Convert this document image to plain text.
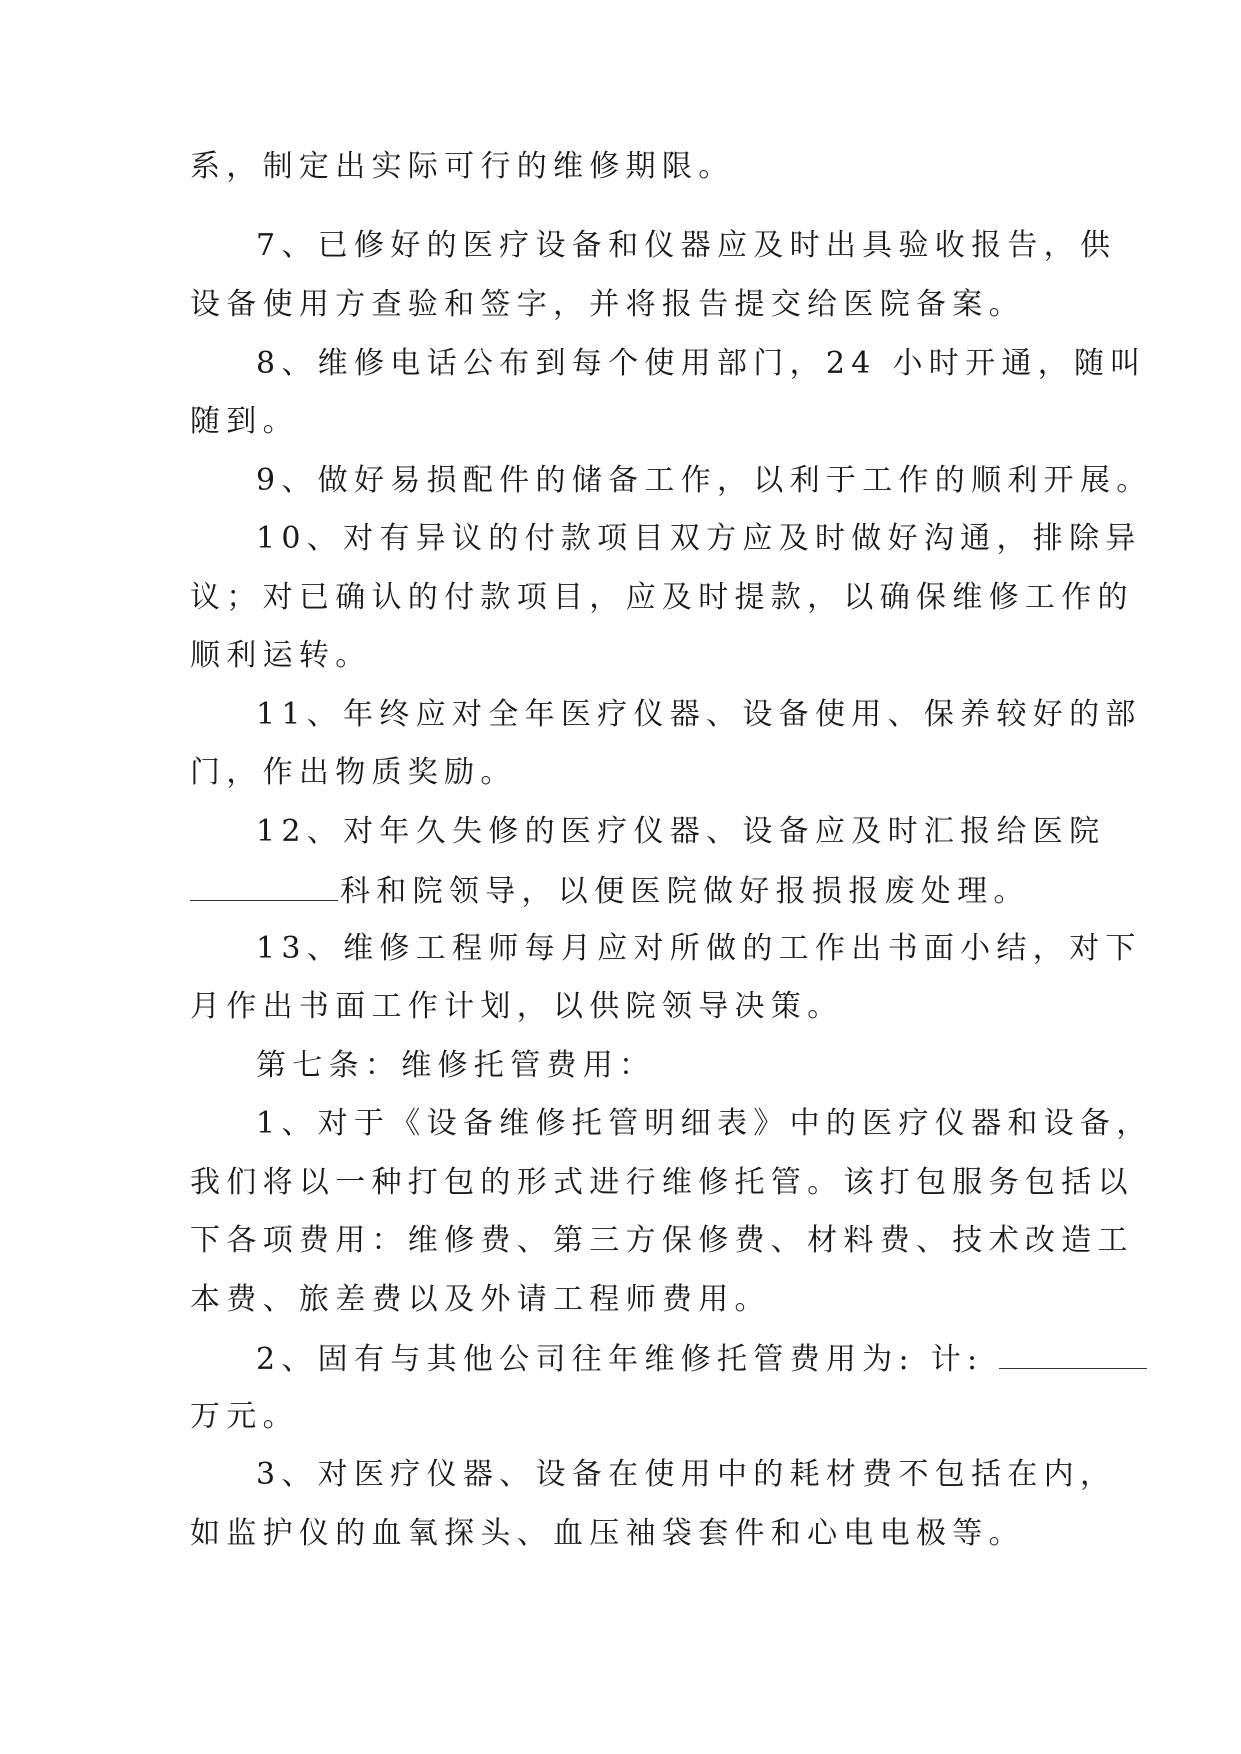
系，制定出实际可行的维修期限。
7、已修好的医疗设备和仪器应及时出具验收报告，供
设备使用方查验和签字，并将报告提交给医院备案。
8、维修电话公布到每个使用部门，24 小时开通，随叫
随到。
9、做好易损配件的储备工作，以利于工作的顺利开展。
10、对有异议的付款项目双方应及时做好沟通，排除异
议；对已确认的付款项目，应及时提款，以确保维修工作的
顺利运转。
11、年终应对全年医疗仪器、设备使用、保养较好的部
门，作出物质奖励。
12、对年久失修的医疗仪器、设备应及时汇报给医院
科和院领导，以便医院做好报损报废处理。
13、维修工程师每月应对所做的工作出书面小结，对下
月作出书面工作计划，以供院领导决策。
第七条：维修托管费用：
1、对于《设备维修托管明细表》中的医疗仪器和设备，
我们将以一种打包的形式进行维修托管。该打包服务包括以
下各项费用：维修费、第三方保修费、材料费、技术改造工
本费、旅差费以及外请工程师费用。
2、固有与其他公司往年维修托管费用为: 计:
万元。
3、对医疗仪器、设备在使用中的耗材费不包括在内，
如监护仪的血氧探头、血压袖袋套件和心电电极等。
